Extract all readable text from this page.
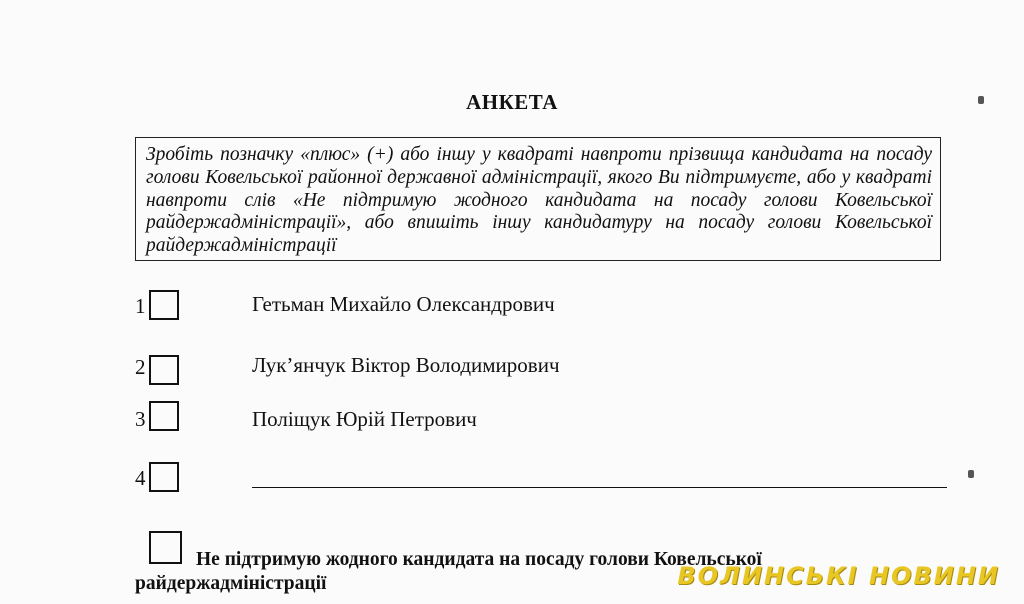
АНКЕТА
Зробіть позначку «плюс» (+) або іншу у квадраті навпроти прізвища кандидата на посаду голови Ковельської районної державної адміністрації, якого Ви підтримуєте, або у квадраті навпроти слів «Не підтримую жодного кандидата на посаду голови Ковельської райдержадміністрації», або впишіть іншу кандидатуру на посаду голови Ковельської райдержадміністрації
1	Гетьман Михайло Олександрович
2	Лук’янчук Віктор Володимирович
3	Поліщук Юрій Петрович
4
Не підтримую жодного кандидата на посаду голови Ковельської
райдержадміністрації	ВОЛИНСЬКІ НОВИНИ
